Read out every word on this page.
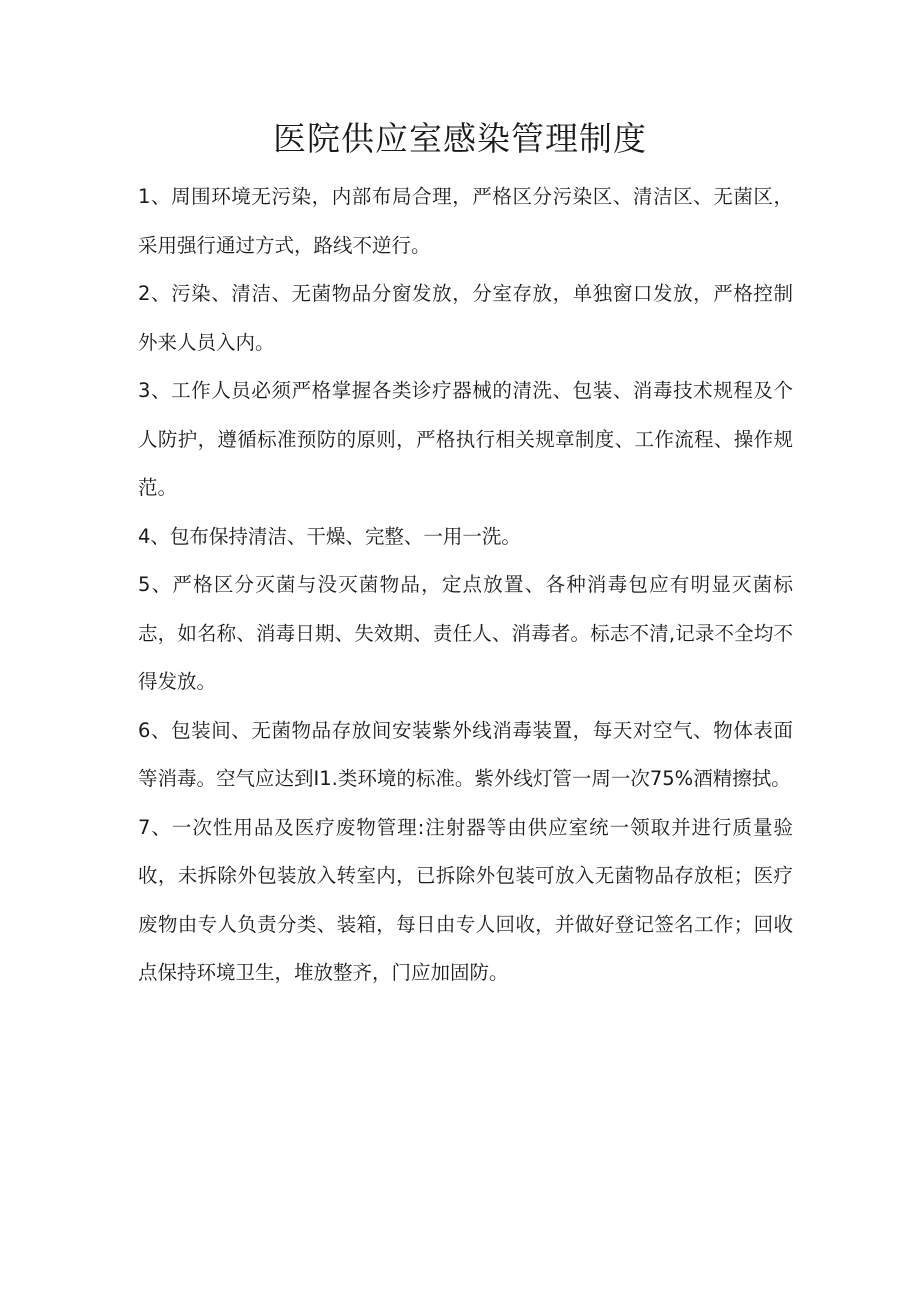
医院供应室感染管理制度

1、周围环境无污染，内部布局合理，严格区分污染区、清洁区、无菌区，采用强行通过方式，路线不逆行。

2、污染、清洁、无菌物品分窗发放，分室存放，单独窗口发放，严格控制外来人员入内。

3、工作人员必须严格掌握各类诊疗器械的清洗、包装、消毒技术规程及个人防护，遵循标准预防的原则，严格执行相关规章制度、工作流程、操作规范。

4、包布保持清洁、干燥、完整、一用一洗。

5、严格区分灭菌与没灭菌物品，定点放置、各种消毒包应有明显灭菌标志，如名称、消毒日期、失效期、责任人、消毒者。标志不清,记录不全均不得发放。

6、包装间、无菌物品存放间安装紫外线消毒装置，每天对空气、物体表面等消毒。空气应达到I1.类环境的标准。紫外线灯管一周一次75%酒精擦拭。

7、一次性用品及医疗废物管理:注射器等由供应室统一领取并进行质量验收，未拆除外包装放入转室内，已拆除外包装可放入无菌物品存放柜；医疗废物由专人负责分类、装箱，每日由专人回收，并做好登记签名工作；回收点保持环境卫生，堆放整齐，门应加固防。
